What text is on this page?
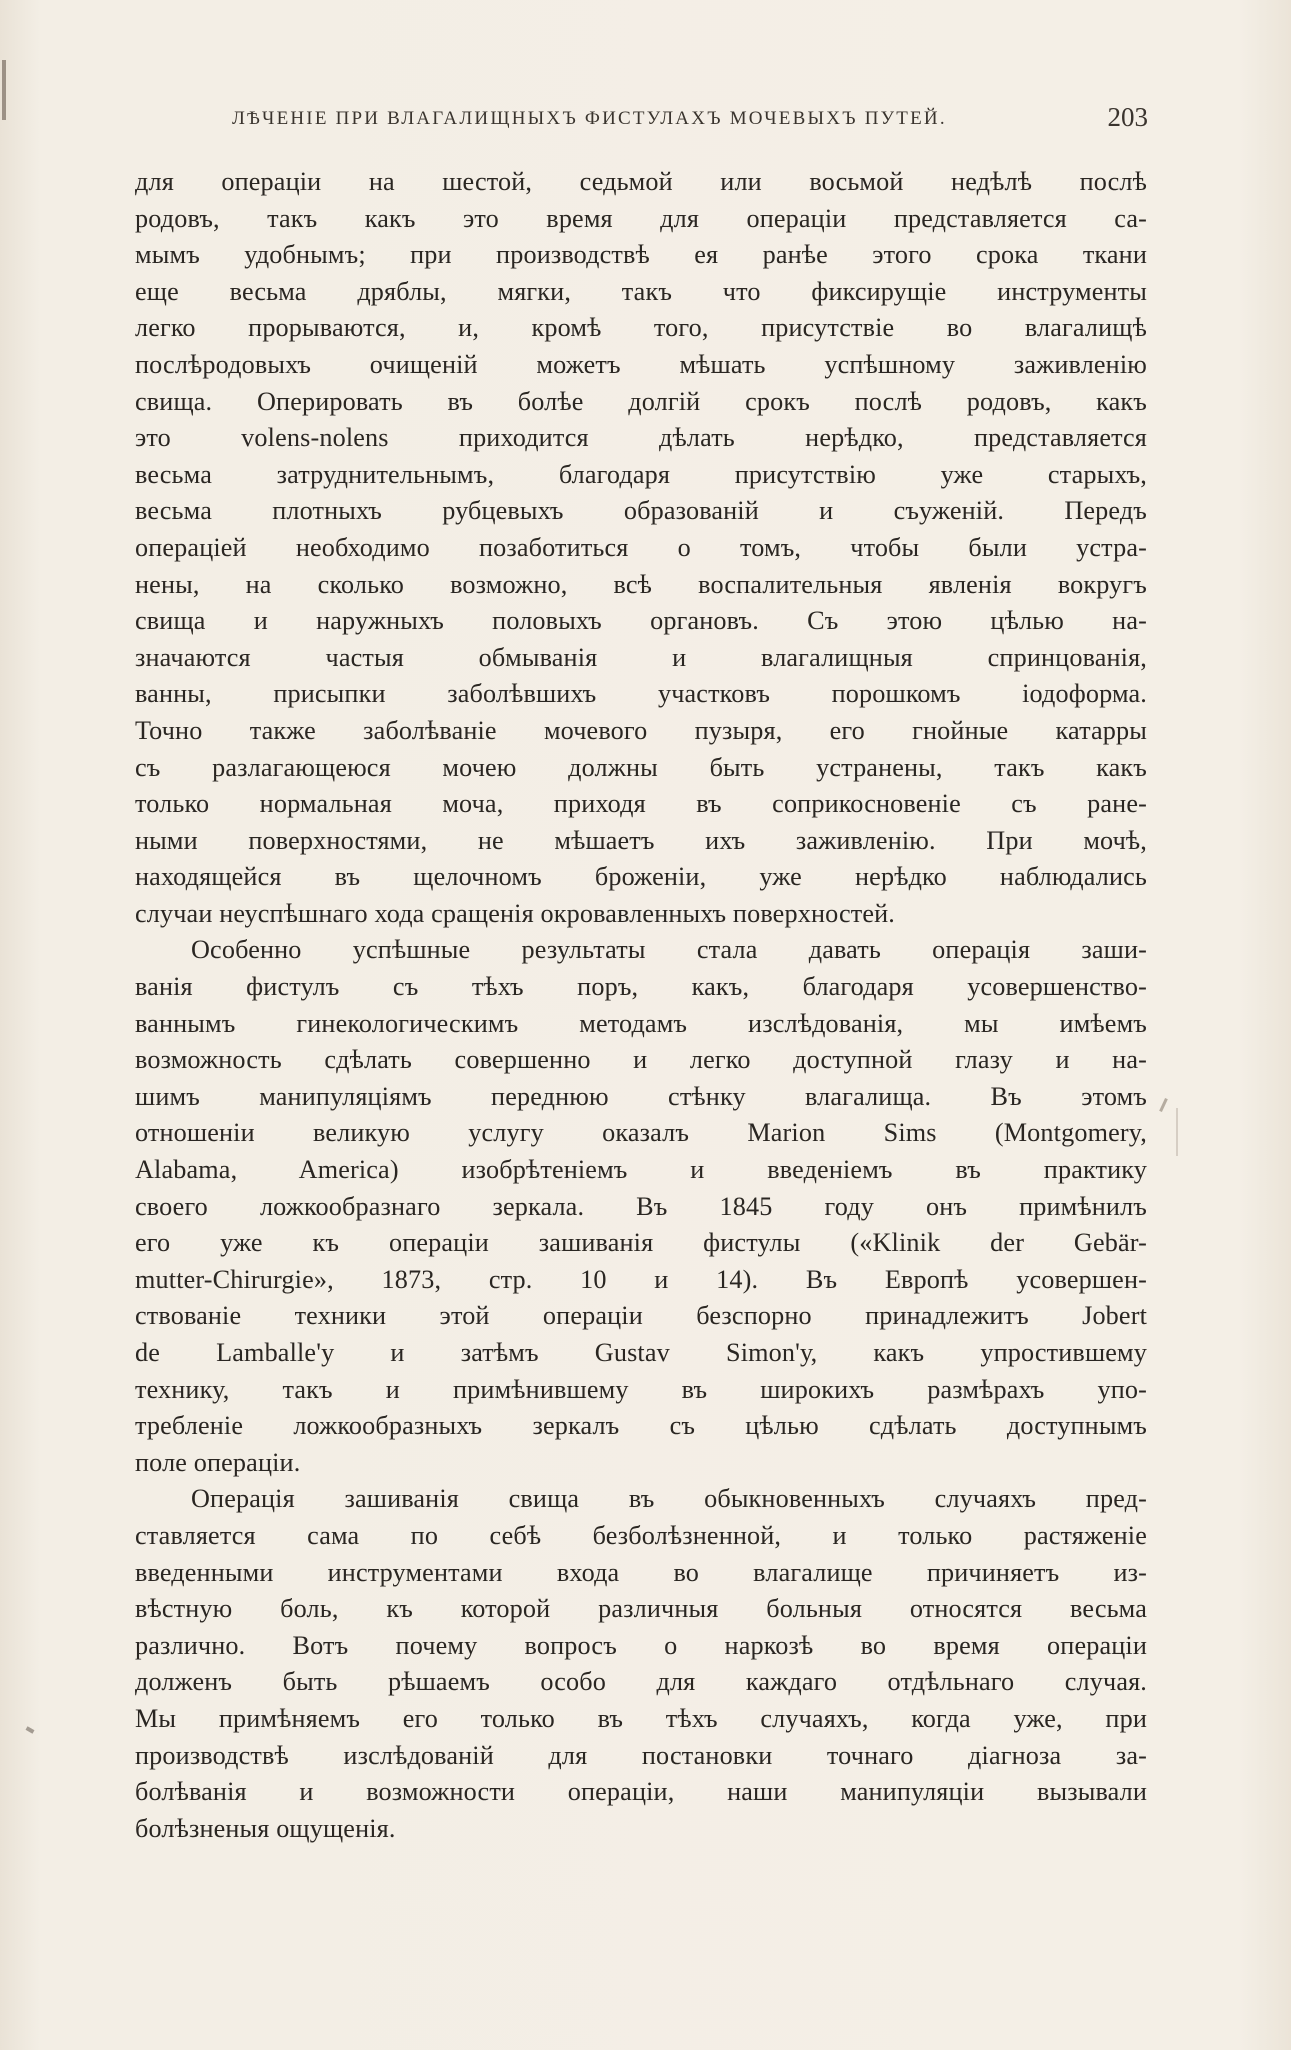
ЛѢЧЕНІЕ ПРИ ВЛАГАЛИЩНЫХЪ ФИСТУЛАХЪ МОЧЕВЫХЪ ПУТЕЙ.	203
для операціи на шестой, седьмой или восьмой недѣлѣ послѣ
родовъ, такъ какъ это время для операціи представляется са-
мымъ удобнымъ; при производствѣ ея ранѣе этого срока ткани
еще весьма дряблы, мягки, такъ что фиксирущіе инструменты
легко прорываются, и, кромѣ того, присутствіе во влагалищѣ
послѣродовыхъ очищеній можетъ мѣшать успѣшному заживленію
свища. Оперировать въ болѣе долгій срокъ послѣ родовъ, какъ
это volens-nolens приходится дѣлать нерѣдко, представляется
весьма затруднительнымъ, благодаря присутствію уже старыхъ,
весьма плотныхъ рубцевыхъ образованій и съуженій. Передъ
операціей необходимо позаботиться о томъ, чтобы были устра-
нены, на сколько возможно, всѣ воспалительныя явленія вокругъ
свища и наружныхъ половыхъ органовъ. Съ этою цѣлью на-
значаются частыя обмыванія и влагалищныя спринцованія,
ванны, присыпки заболѣвшихъ участковъ порошкомъ іодоформа.
Точно также заболѣваніе мочевого пузыря, его гнойные катарры
съ разлагающеюся мочею должны быть устранены, такъ какъ
только нормальная моча, приходя въ соприкосновеніе съ ране-
ными поверхностями, не мѣшаетъ ихъ заживленію. При мочѣ,
находящейся въ щелочномъ броженіи, уже нерѣдко наблюдались
случаи неуспѣшнаго хода сращенія окровавленныхъ поверхностей.
Особенно успѣшные результаты стала давать операція заши-
ванія фистулъ съ тѣхъ поръ, какъ, благодаря усовершенство-
ваннымъ гинекологическимъ методамъ изслѣдованія, мы имѣемъ
возможность сдѣлать совершенно и легко доступной глазу и на-
шимъ манипуляціямъ переднюю стѣнку влагалища. Въ этомъ
отношеніи великую услугу оказалъ Marion Sims (Montgomery,
Alabama, America) изобрѣтеніемъ и введеніемъ въ практику
своего ложкообразнаго зеркала. Въ 1845 году онъ примѣнилъ
его уже къ операціи зашиванія фистулы («Klinik der Gebär-
mutter-Chirurgie», 1873, стр. 10 и 14). Въ Европѣ усовершен-
ствованіе техники этой операціи безспорно принадлежитъ Jobert
de Lamballe'у и затѣмъ Gustav Simon'у, какъ упростившему
технику, такъ и примѣнившему въ широкихъ размѣрахъ упо-
требленіе ложкообразныхъ зеркалъ съ цѣлью сдѣлать доступнымъ
поле операціи.
Операція зашиванія свища въ обыкновенныхъ случаяхъ пред-
ставляется сама по себѣ безболѣзненной, и только растяженіе
введенными инструментами входа во влагалище причиняетъ из-
вѣстную боль, къ которой различныя больныя относятся весьма
различно. Вотъ почему вопросъ о наркозѣ во время операціи
долженъ быть рѣшаемъ особо для каждаго отдѣльнаго случая.
Мы примѣняемъ его только въ тѣхъ случаяхъ, когда уже, при
производствѣ изслѣдованій для постановки точнаго діагноза за-
болѣванія и возможности операціи, наши манипуляціи вызывали
болѣзненыя ощущенія.
